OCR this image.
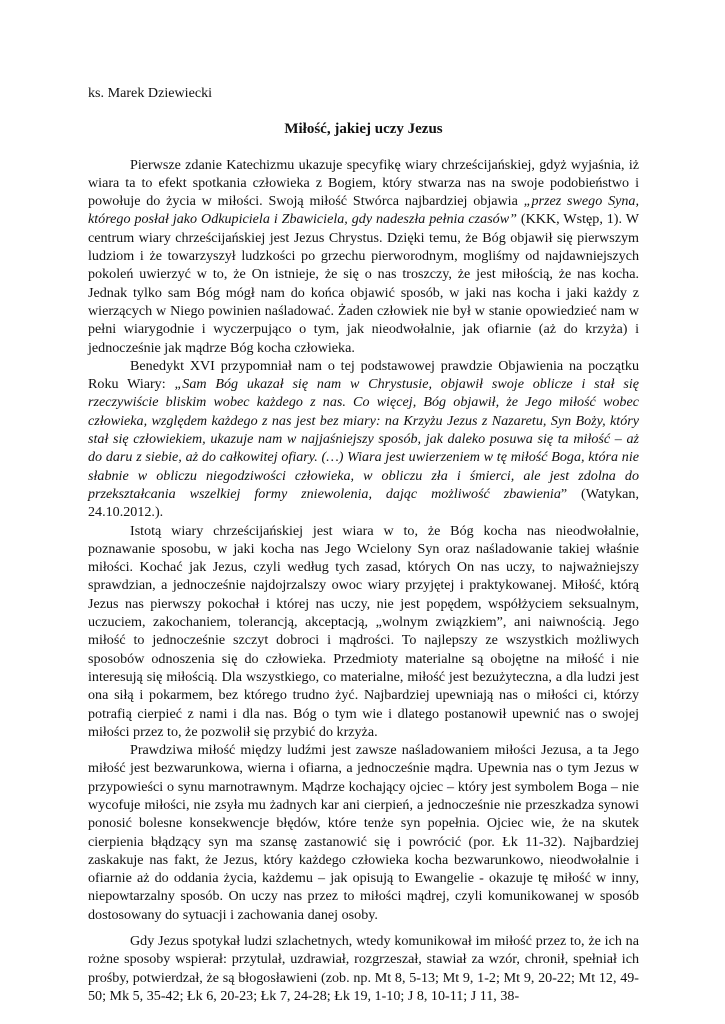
ks. Marek Dziewiecki

Miłość, jakiej uczy Jezus

Pierwsze zdanie Katechizmu ukazuje specyfikę wiary chrześcijańskiej, gdyż wyjaśnia, iż wiara ta to efekt spotkania człowieka z Bogiem, który stwarza nas na swoje podobieństwo i powołuje do życia w miłości. Swoją miłość Stwórca najbardziej objawia „przez swego Syna, którego posłał jako Odkupiciela i Zbawiciela, gdy nadeszła pełnia czasów” (KKK, Wstęp, 1). W centrum wiary chrześcijańskiej jest Jezus Chrystus. Dzięki temu, że Bóg objawił się pierwszym ludziom i że towarzyszył ludzkości po grzechu pierworodnym, mogliśmy od najdawniejszych pokoleń uwierzyć w to, że On istnieje, że się o nas troszczy, że jest miłością, że nas kocha. Jednak tylko sam Bóg mógł nam do końca objawić sposób, w jaki nas kocha i jaki każdy z wierzących w Niego powinien naśladować. Żaden człowiek nie był w stanie opowiedzieć nam w pełni wiarygodnie i wyczerpująco o tym, jak nieodwołalnie, jak ofiarnie (aż do krzyża) i jednocześnie jak mądrze Bóg kocha człowieka.

Benedykt XVI przypomniał nam o tej podstawowej prawdzie Objawienia na początku Roku Wiary: „Sam Bóg ukazał się nam w Chrystusie, objawił swoje oblicze i stał się rzeczywiście bliskim wobec każdego z nas. Co więcej, Bóg objawił, że Jego miłość wobec człowieka, względem każdego z nas jest bez miary: na Krzyżu Jezus z Nazaretu, Syn Boży, który stał się człowiekiem, ukazuje nam w najjaśniejszy sposób, jak daleko posuwa się ta miłość – aż do daru z siebie, aż do całkowitej ofiary. (…) Wiara jest uwierzeniem w tę miłość Boga, która nie słabnie w obliczu niegodziwości człowieka, w obliczu zła i śmierci, ale jest zdolna do przekształcania wszelkiej formy zniewolenia, dając możliwość zbawienia” (Watykan, 24.10.2012.).

Istotą wiary chrześcijańskiej jest wiara w to, że Bóg kocha nas nieodwołalnie, poznawanie sposobu, w jaki kocha nas Jego Wcielony Syn oraz naśladowanie takiej właśnie miłości. Kochać jak Jezus, czyli według tych zasad, których On nas uczy, to najważniejszy sprawdzian, a jednocześnie najdojrzalszy owoc wiary przyjętej i praktykowanej. Miłość, którą Jezus nas pierwszy pokochał i której nas uczy, nie jest popędem, współżyciem seksualnym, uczuciem, zakochaniem, tolerancją, akceptacją, „wolnym związkiem”, ani naiwnością. Jego miłość to jednocześnie szczyt dobroci i mądrości. To najlepszy ze wszystkich możliwych sposobów odnoszenia się do człowieka. Przedmioty materialne są obojętne na miłość i nie interesują się miłością. Dla wszystkiego, co materialne, miłość jest bezużyteczna, a dla ludzi jest ona siłą i pokarmem, bez którego trudno żyć. Najbardziej upewniają nas o miłości ci, którzy potrafią cierpieć z nami i dla nas. Bóg o tym wie i dlatego postanowił upewnić nas o swojej miłości przez to, że pozwolił się przybić do krzyża.

Prawdziwa miłość między ludźmi jest zawsze naśladowaniem miłości Jezusa, a ta Jego miłość jest bezwarunkowa, wierna i ofiarna, a jednocześnie mądra. Upewnia nas o tym Jezus w przypowieści o synu marnotrawnym. Mądrze kochający ojciec – który jest symbolem Boga – nie wycofuje miłości, nie zsyła mu żadnych kar ani cierpień, a jednocześnie nie przeszkadza synowi ponosić bolesne konsekwencje błędów, które tenże syn popełnia. Ojciec wie, że na skutek cierpienia błądzący syn ma szansę zastanowić się i powrócić (por. Łk 11-32). Najbardziej zaskakuje nas fakt, że Jezus, który każdego człowieka kocha bezwarunkowo, nieodwołalnie i ofiarnie aż do oddania życia, każdemu – jak opisują to Ewangelie - okazuje tę miłość w inny, niepowtarzalny sposób. On uczy nas przez to miłości mądrej, czyli komunikowanej w sposób dostosowany do sytuacji i zachowania danej osoby.

Gdy Jezus spotykał ludzi szlachetnych, wtedy komunikował im miłość przez to, że ich na rożne sposoby wspierał: przytulał, uzdrawiał, rozgrzeszał, stawiał za wzór, chronił, spełniał ich prośby, potwierdzał, że są błogosławieni (zob. np. Mt 8, 5-13; Mt 9, 1-2; Mt 9, 20-22; Mt 12, 49-50; Mk 5, 35-42; Łk 6, 20-23; Łk 7, 24-28; Łk 19, 1-10; J 8, 10-11; J 11, 38-
